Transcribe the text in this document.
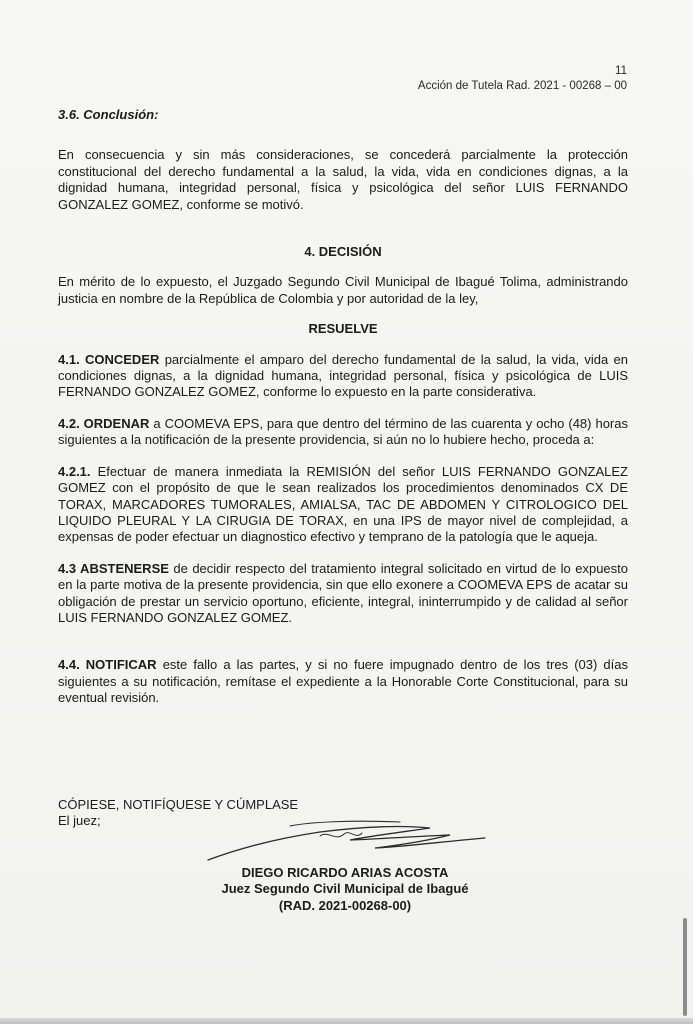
11
Acción de Tutela Rad. 2021 - 00268 – 00

3.6. Conclusión:

En consecuencia y sin más consideraciones, se concederá parcialmente la protección constitucional del derecho fundamental a la salud, la vida, vida en condiciones dignas, a la dignidad humana, integridad personal, física y psicológica del señor LUIS FERNANDO GONZALEZ GOMEZ, conforme se motivó.

4. DECISIÓN

En mérito de lo expuesto, el Juzgado Segundo Civil Municipal de Ibagué Tolima, administrando justicia en nombre de la República de Colombia y por autoridad de la ley,

RESUELVE

4.1. CONCEDER parcialmente el amparo del derecho fundamental de la salud, la vida, vida en condiciones dignas, a la dignidad humana, integridad personal, física y psicológica de LUIS FERNANDO GONZALEZ GOMEZ, conforme lo expuesto en la parte considerativa.

4.2. ORDENAR a COOMEVA EPS, para que dentro del término de las cuarenta y ocho (48) horas siguientes a la notificación de la presente providencia, si aún no lo hubiere hecho, proceda a:

4.2.1. Efectuar de manera inmediata la REMISIÓN del señor LUIS FERNANDO GONZALEZ GOMEZ con el propósito de que le sean realizados los procedimientos denominados CX DE TORAX, MARCADORES TUMORALES, AMIALSA, TAC DE ABDOMEN Y CITROLOGICO DEL LIQUIDO PLEURAL Y LA CIRUGIA DE TORAX, en una IPS de mayor nivel de complejidad, a expensas de poder efectuar un diagnostico efectivo y temprano de la patología que le aqueja.

4.3 ABSTENERSE de decidir respecto del tratamiento integral solicitado en virtud de lo expuesto en la parte motiva de la presente providencia, sin que ello exonere a COOMEVA EPS de acatar su obligación de prestar un servicio oportuno, eficiente, integral, ininterrumpido y de calidad al señor LUIS FERNANDO GONZALEZ GOMEZ.

4.4. NOTIFICAR este fallo a las partes, y si no fuere impugnado dentro de los tres (03) días siguientes a su notificación, remítase el expediente a la Honorable Corte Constitucional, para su eventual revisión.

CÓPIESE, NOTIFÍQUESE Y CÚMPLASE
El juez;
DIEGO RICARDO ARIAS ACOSTA
Juez Segundo Civil Municipal de Ibagué
(RAD. 2021-00268-00)
